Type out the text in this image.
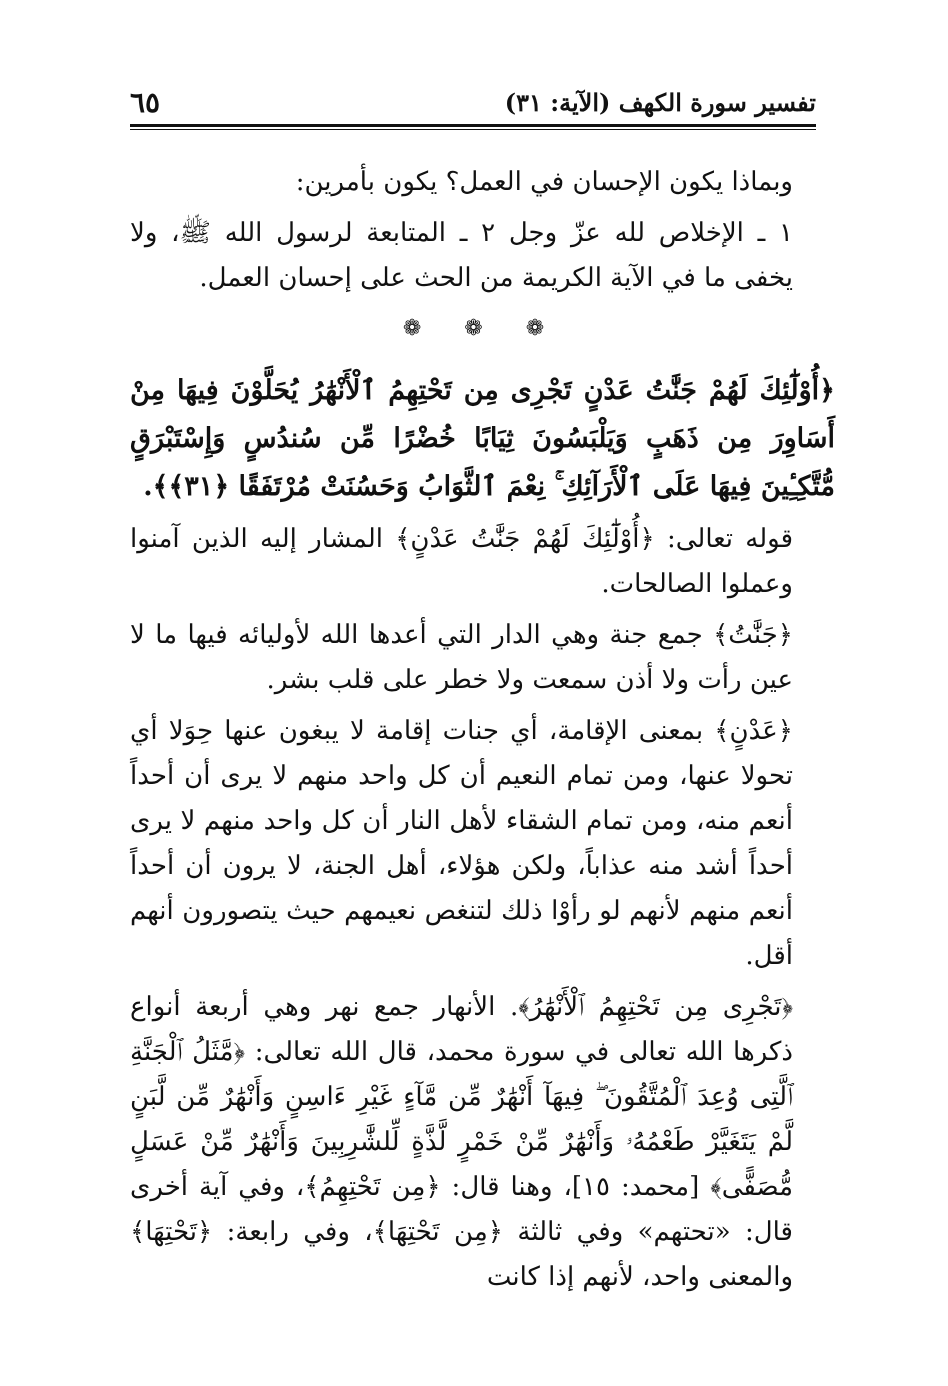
تفسير سورة الكهف (الآية: ٣١)
٦٥

وبماذا يكون الإحسان في العمل؟ يكون بأمرين:

١ ـ الإخلاص لله عزّ وجل ٢ ـ المتابعة لرسول الله ﷺ، ولا يخفى ما في الآية الكريمة من الحث على إحسان العمل.

❁ ❁ ❁

﴿أُوْلَٰٓئِكَ لَهُمْ جَنَّٰتُ عَدْنٍ تَجْرِى مِن تَحْتِهِمُ ٱلْأَنْهَٰرُ يُحَلَّوْنَ فِيهَا مِنْ أَسَاوِرَ مِن ذَهَبٍ وَيَلْبَسُونَ ثِيَابًا خُضْرًا مِّن سُندُسٍ وَإِسْتَبْرَقٍ مُّتَّكِـِٔينَ فِيهَا عَلَى ٱلْأَرَآئِكِ ۚ نِعْمَ ٱلثَّوَابُ وَحَسُنَتْ مُرْتَفَقًا ﴿٣١﴾﴾.

قوله تعالى: ﴿أُوْلَٰٓئِكَ لَهُمْ جَنَّٰتُ عَدْنٍ﴾ المشار إليه الذين آمنوا وعملوا الصالحات.

﴿جَنَّٰتُ﴾ جمع جنة وهي الدار التي أعدها الله لأوليائه فيها ما لا عين رأت ولا أذن سمعت ولا خطر على قلب بشر.

﴿عَدْنٍ﴾ بمعنى الإقامة، أي جنات إقامة لا يبغون عنها حِوَلا أي تحولا عنها، ومن تمام النعيم أن كل واحد منهم لا يرى أن أحداً أنعم منه، ومن تمام الشقاء لأهل النار أن كل واحد منهم لا يرى أحداً أشد منه عذاباً، ولكن هؤلاء، أهل الجنة، لا يرون أن أحداً أنعم منهم لأنهم لو رأوْا ذلك لتنغص نعيمهم حيث يتصورون أنهم أقل.

﴿تَجْرِى مِن تَحْتِهِمُ ٱلْأَنْهَٰرُ﴾. الأنهار جمع نهر وهي أربعة أنواع ذكرها الله تعالى في سورة محمد، قال الله تعالى: ﴿مَّثَلُ ٱلْجَنَّةِ ٱلَّتِى وُعِدَ ٱلْمُتَّقُونَ ۖ فِيهَآ أَنْهَٰرٌ مِّن مَّآءٍ غَيْرِ ءَاسِنٍ وَأَنْهَٰرٌ مِّن لَّبَنٍ لَّمْ يَتَغَيَّرْ طَعْمُهُۥ وَأَنْهَٰرٌ مِّنْ خَمْرٍ لَّذَّةٍ لِّلشَّٰرِبِينَ وَأَنْهَٰرٌ مِّنْ عَسَلٍ مُّصَفًّى﴾ [محمد: ١٥]، وهنا قال: ﴿مِن تَحْتِهِمُ﴾، وفي آية أخرى قال: «تحتهم» وفي ثالثة ﴿مِن تَحْتِهَا﴾، وفي رابعة: ﴿تَحْتِهَا﴾ والمعنى واحد، لأنهم إذا كانت
